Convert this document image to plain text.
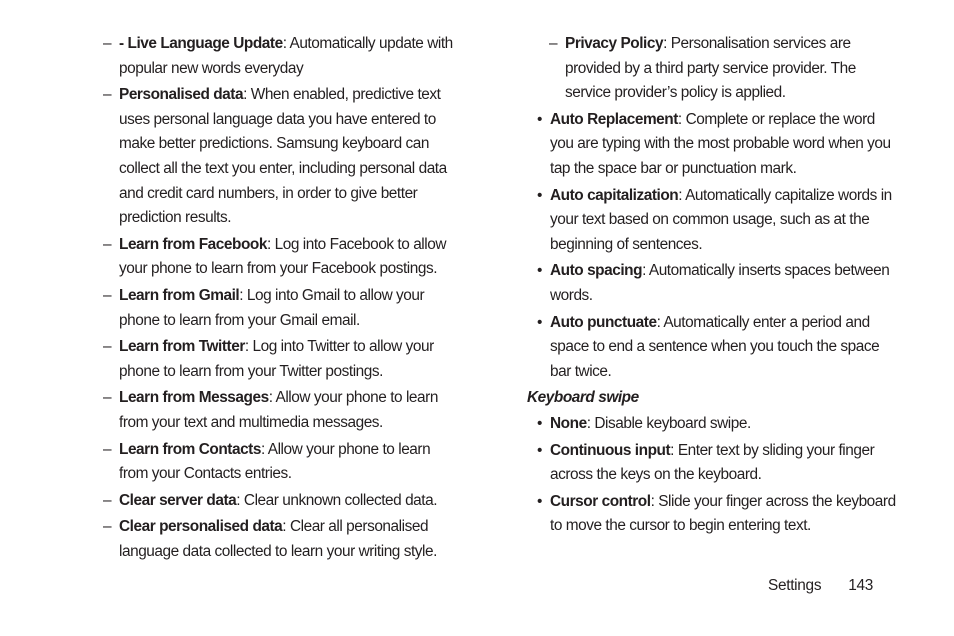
– - Live Language Update: Automatically update with popular new words everyday
– Personalised data: When enabled, predictive text uses personal language data you have entered to make better predictions. Samsung keyboard can collect all the text you enter, including personal data and credit card numbers, in order to give better prediction results.
– Learn from Facebook: Log into Facebook to allow your phone to learn from your Facebook postings.
– Learn from Gmail: Log into Gmail to allow your phone to learn from your Gmail email.
– Learn from Twitter: Log into Twitter to allow your phone to learn from your Twitter postings.
– Learn from Messages: Allow your phone to learn from your text and multimedia messages.
– Learn from Contacts: Allow your phone to learn from your Contacts entries.
– Clear server data: Clear unknown collected data.
– Clear personalised data: Clear all personalised language data collected to learn your writing style.
– Privacy Policy: Personalisation services are provided by a third party service provider. The service provider’s policy is applied.
• Auto Replacement: Complete or replace the word you are typing with the most probable word when you tap the space bar or punctuation mark.
• Auto capitalization: Automatically capitalize words in your text based on common usage, such as at the beginning of sentences.
• Auto spacing: Automatically inserts spaces between words.
• Auto punctuate: Automatically enter a period and space to end a sentence when you touch the space bar twice.
Keyboard swipe
• None: Disable keyboard swipe.
• Continuous input: Enter text by sliding your finger across the keys on the keyboard.
• Cursor control: Slide your finger across the keyboard to move the cursor to begin entering text.
Settings 143
